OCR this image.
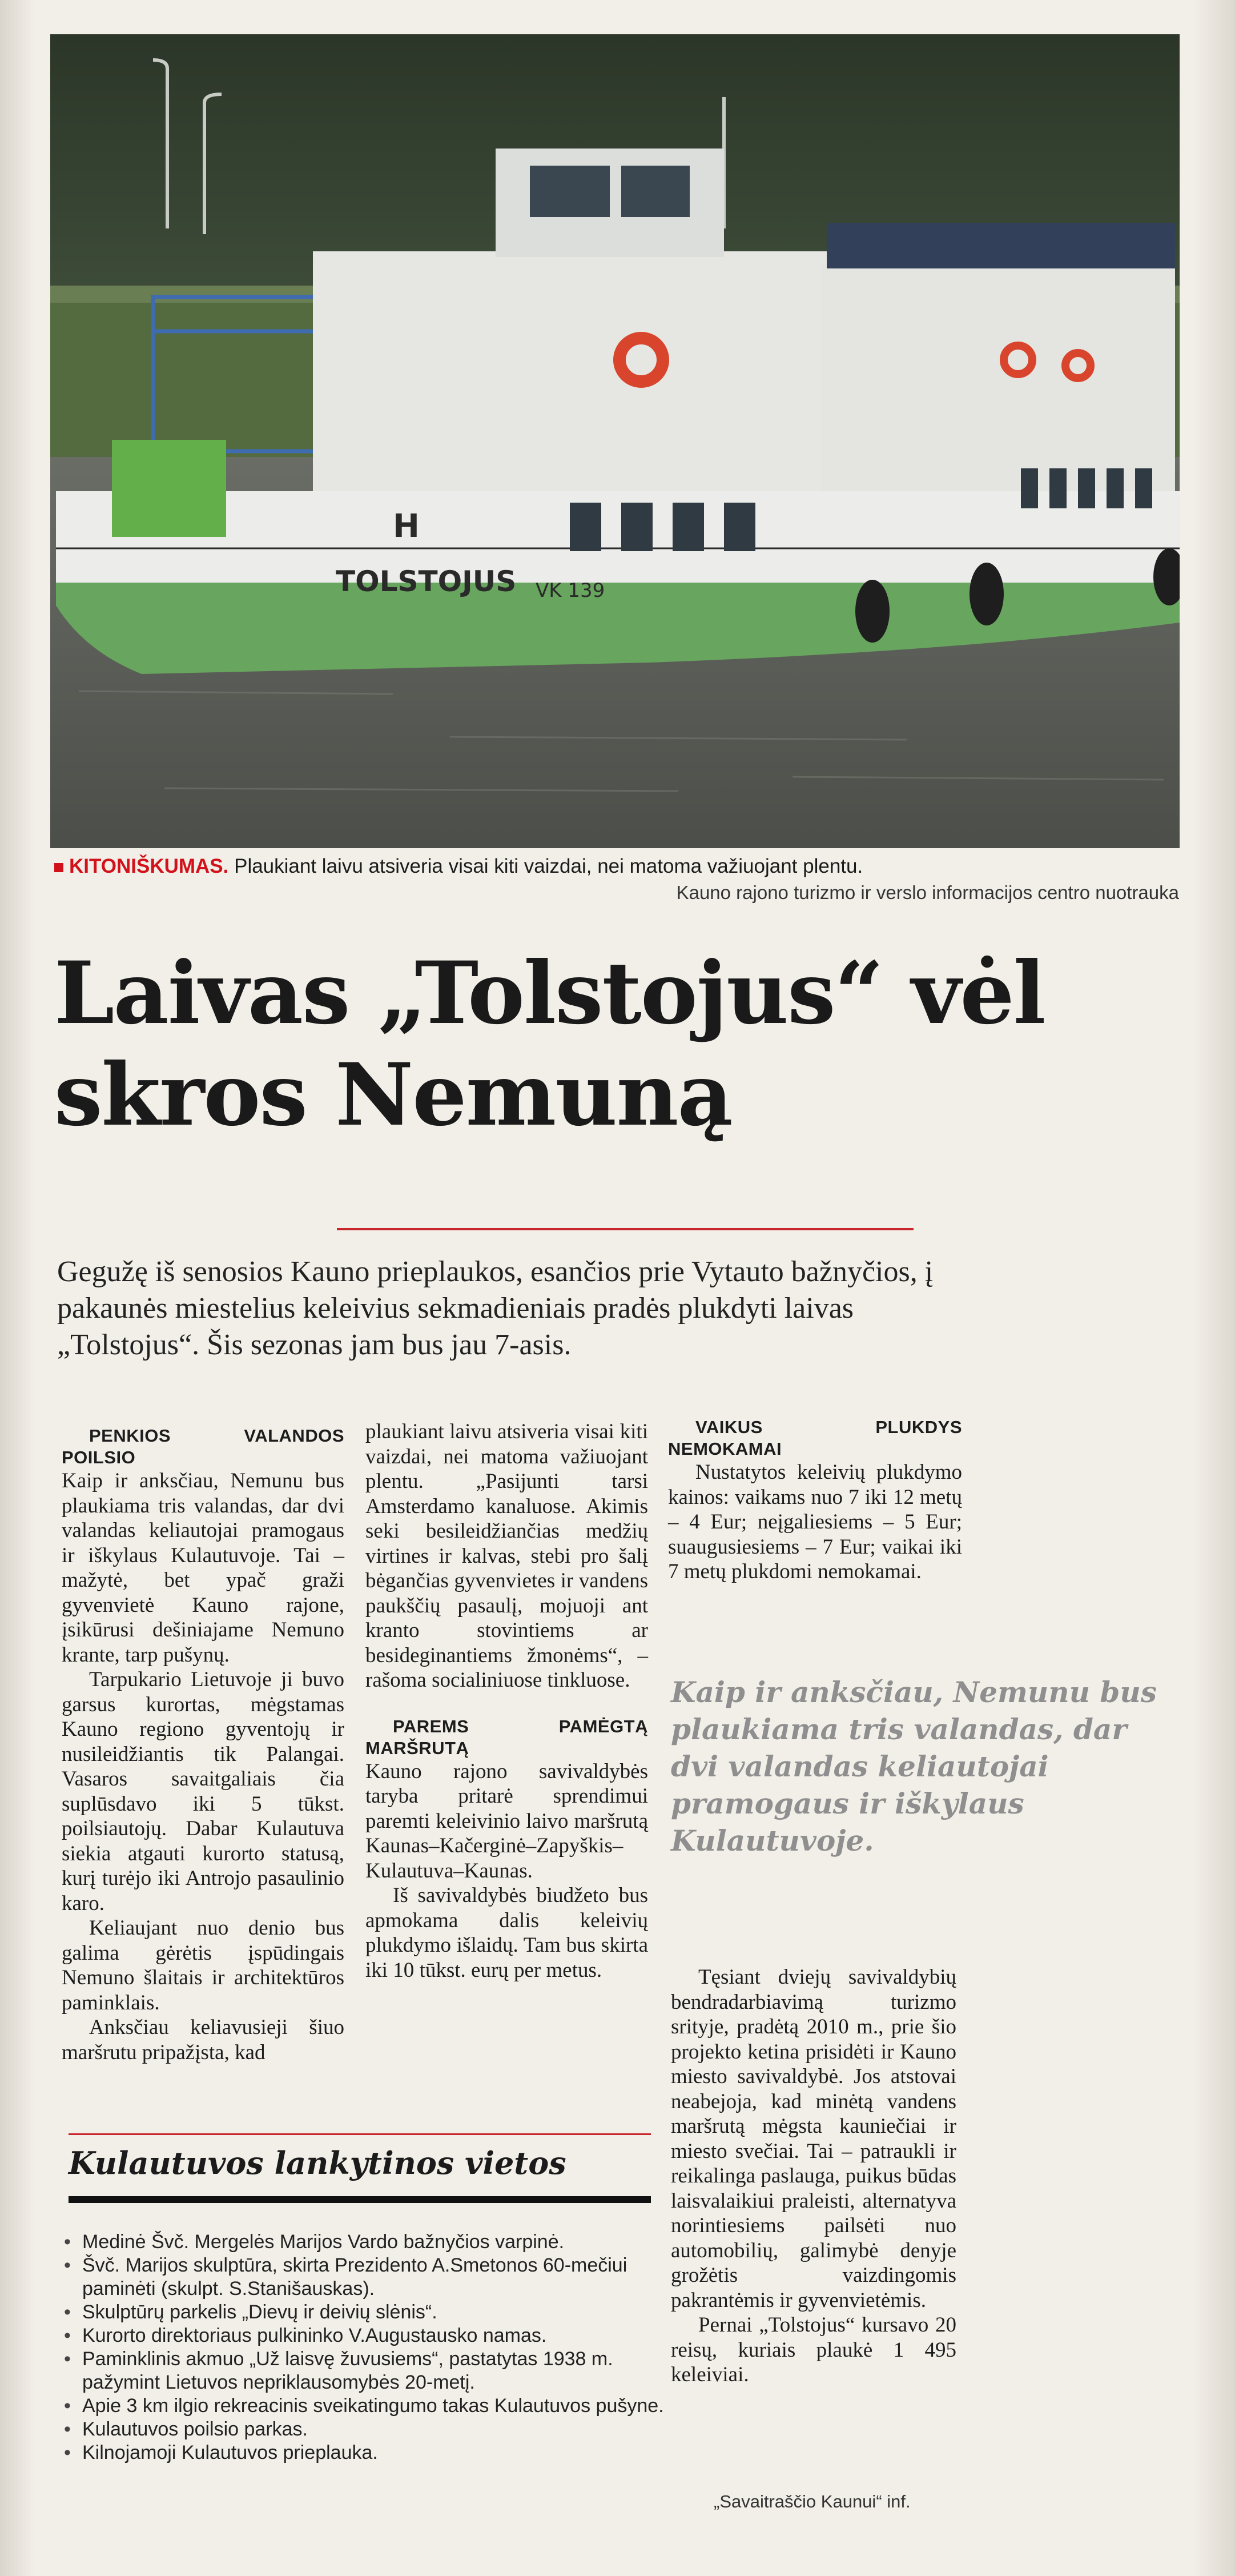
TOLSTOJUS VK 139
H
KITONIŠKUMAS. Plaukiant laivu atsiveria visai kiti vaizdai, nei matoma važiuojant plentu.
Kauno rajono turizmo ir verslo informacijos centro nuotrauka
Laivas „Tolstojus“ vėl
skros Nemuną
Gegužę iš senosios Kauno prieplaukos, esančios prie Vytauto bažnyčios, į pakaunės miestelius keleivius sekmadieniais pradės plukdyti laivas „Tolstojus“. Šis sezonas jam bus jau 7-asis.

PENKIOS VALANDOS POILSIO

Kaip ir anksčiau, Nemunu bus plaukiama tris valandas, dar dvi valandas keliautojai pramogaus ir iškylaus Kulautuvoje. Tai – mažytė, bet ypač graži gyvenvietė Kauno rajone, įsikūrusi dešiniajame Nemuno krante, tarp pušynų.

Tarpukario Lietuvoje ji buvo garsus kurortas, mėgstamas Kauno regiono gyventojų ir nusileidžiantis tik Palangai. Vasaros savaitgaliais čia suplūsdavo iki 5 tūkst. poilsiautojų. Dabar Kulautuva siekia atgauti kurorto statusą, kurį turėjo iki Antrojo pasaulinio karo.

Keliaujant nuo denio bus galima gėrėtis įspūdingais Nemuno šlaitais ir architektūros paminklais.

Anksčiau keliavusieji šiuo maršrutu pripažįsta, kad

plaukiant laivu atsiveria visai kiti vaizdai, nei matoma važiuojant plentu. „Pasijunti tarsi Amsterdamo kanaluose. Akimis seki besileidžiančias medžių virtines ir kalvas, stebi pro šalį bėgančias gyvenvietes ir vandens paukščių pasaulį, mojuoji ant kranto stovintiems ar besideginantiems žmonėms“, – rašoma socialiniuose tinkluose.

PAREMS PAMĖGTĄ MARŠRUTĄ

Kauno rajono savivaldybės taryba pritarė sprendimui paremti keleivinio laivo maršrutą Kaunas–Kačerginė–Zapyškis–Kulautuva–Kaunas.

Iš savivaldybės biudžeto bus apmokama dalis keleivių plukdymo išlaidų. Tam bus skirta iki 10 tūkst. eurų per metus.

VAIKUS PLUKDYS NEMOKAMAI

Nustatytos keleivių plukdymo kainos: vaikams nuo 7 iki 12 metų – 4 Eur; neįgaliesiems – 5 Eur; suaugusiesiems – 7 Eur; vaikai iki 7 metų plukdomi nemokamai.

Kaip ir anksčiau, Nemunu bus plaukiama tris valandas, dar dvi valandas keliautojai pramogaus ir iškylaus Kulautuvoje.

Tęsiant dviejų savivaldybių bendradarbiavimą turizmo srityje, pradėtą 2010 m., prie šio projekto ketina prisidėti ir Kauno miesto savivaldybė. Jos atstovai neabejoja, kad minėtą vandens maršrutą mėgsta kauniečiai ir miesto svečiai. Tai – patraukli ir reikalinga paslauga, puikus būdas laisvalaikiui praleisti, alternatyva norintiesiems pailsėti nuo automobilių, galimybė denyje grožėtis vaizdingomis pakrantėmis ir gyvenvietėmis.

Pernai „Tolstojus“ kursavo 20 reisų, kuriais plaukė 1 495 keleiviai.

Kulautuvos lankytinos vietos
• Medinė Švč. Mergelės Marijos Vardo bažnyčios varpinė.
• Švč. Marijos skulptūra, skirta Prezidento A.Smetonos 60-mečiui paminėti (skulpt. S.Stanišauskas).
• Skulptūrų parkelis „Dievų ir deivių slėnis“.
• Kurorto direktoriaus pulkininko V.Augustausko namas.
• Paminklinis akmuo „Už laisvę žuvusiems“, pastatytas 1938 m. pažymint Lietuvos nepriklausomybės 20-metį.
• Apie 3 km ilgio rekreacinis sveikatingumo takas Kulautuvos pušyne.
• Kulautuvos poilsio parkas.
• Kilnojamoji Kulautuvos prieplauka.
„Savaitraščio Kaunui“ inf.
